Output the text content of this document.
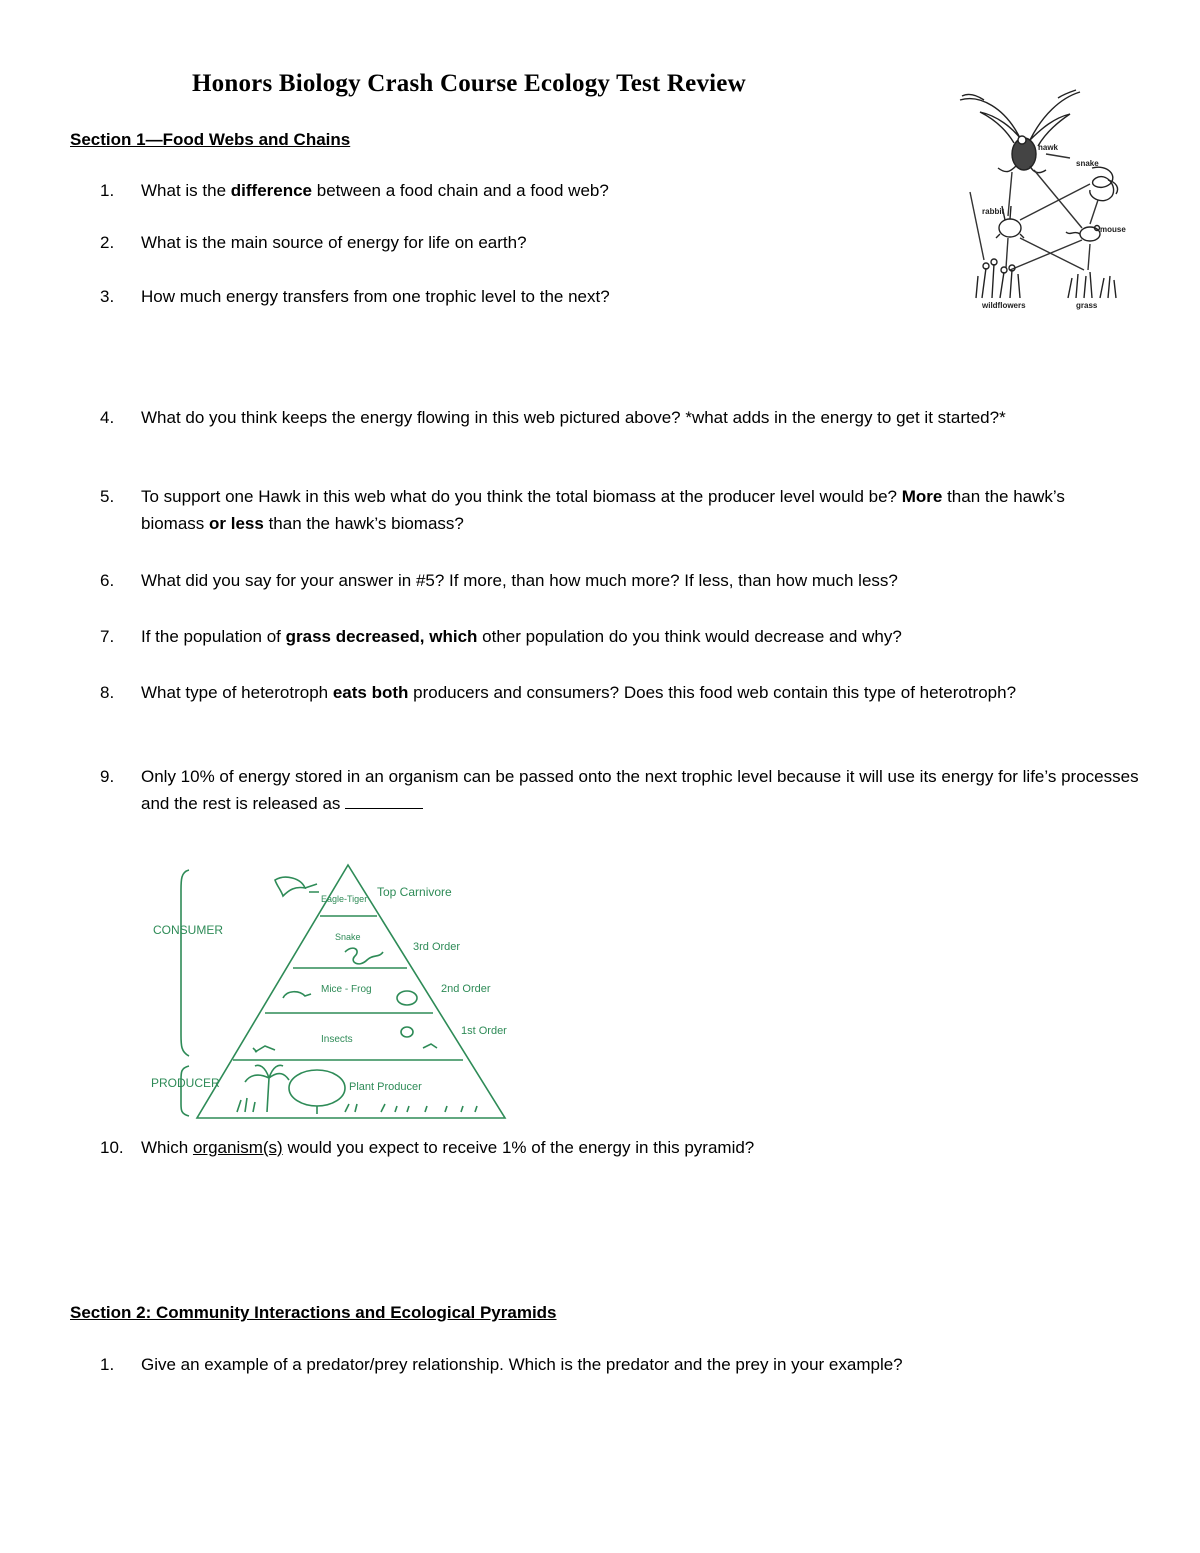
Honors Biology Crash Course Ecology Test Review
Section 1—Food Webs and Chains
1.	What is the difference between a food chain and a food web?
2.	What is the main source of energy for life on earth?
3.	How much energy transfers from one trophic level to the next?
4.	What do you think keeps the energy flowing in this web pictured above? *what adds in the energy to get it started?*
5.	To support one Hawk in this web what do you think the total biomass at the producer level would be? More than the hawk’s biomass or less than the hawk’s biomass?
6.	What did you say for your answer in #5? If more, than how much more? If less, than how much less?
7.	If the population of grass decreased, which other population do you think would decrease and why?
8.	What type of heterotroph eats both producers and consumers? Does this food web contain this type of heterotroph?
9.	Only 10% of energy stored in an organism can be passed onto the next trophic level because it will use its energy for life’s processes and the rest is released as
10.	Which organism(s) would you expect to receive 1% of the energy in this pyramid?
Section 2: Community Interactions and Ecological Pyramids
1.	Give an example of a predator/prey relationship. Which is the predator and the prey in your example?
hawk
snake
rabbit
mouse
wildflowers	grass
CONSUMER
PRODUCER
Eagle-Tiger Top Carnivore
Snake
3rd Order
Mice - Frog	2nd Order
Insects
1st Order
Plant Producer
